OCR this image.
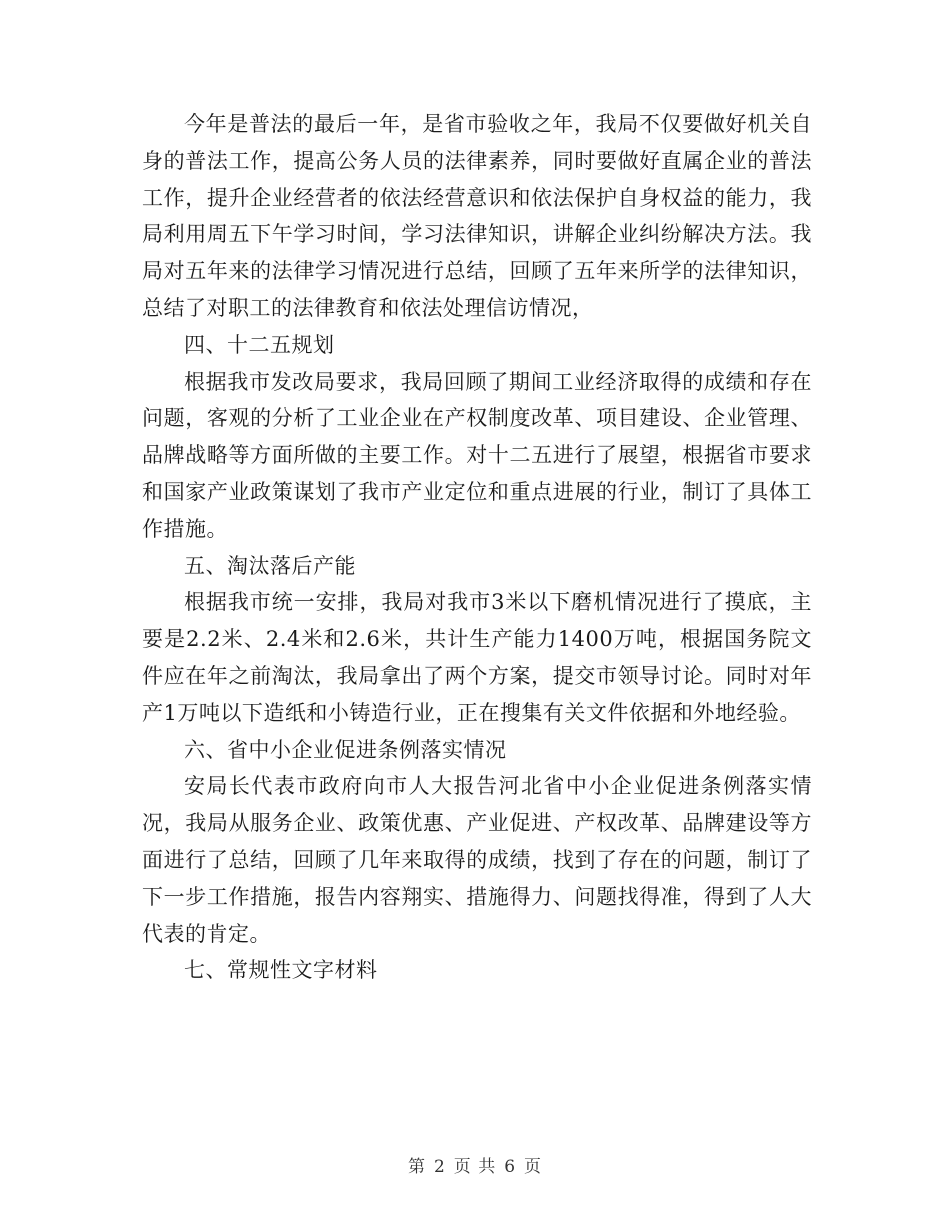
今年是普法的最后一年，是省市验收之年，我局不仅要做好机关自身的普法工作，提高公务人员的法律素养，同时要做好直属企业的普法工作，提升企业经营者的依法经营意识和依法保护自身权益的能力，我局利用周五下午学习时间，学习法律知识，讲解企业纠纷解决方法。我局对五年来的法律学习情况进行总结，回顾了五年来所学的法律知识，总结了对职工的法律教育和依法处理信访情况，

四、十二五规划

根据我市发改局要求，我局回顾了期间工业经济取得的成绩和存在问题，客观的分析了工业企业在产权制度改革、项目建设、企业管理、品牌战略等方面所做的主要工作。对十二五进行了展望，根据省市要求和国家产业政策谋划了我市产业定位和重点进展的行业，制订了具体工作措施。

五、淘汰落后产能

根据我市统一安排，我局对我市3米以下磨机情况进行了摸底，主要是2.2米、2.4米和2.6米，共计生产能力1400万吨，根据国务院文件应在年之前淘汰，我局拿出了两个方案，提交市领导讨论。同时对年产1万吨以下造纸和小铸造行业，正在搜集有关文件依据和外地经验。

六、省中小企业促进条例落实情况

安局长代表市政府向市人大报告河北省中小企业促进条例落实情况，我局从服务企业、政策优惠、产业促进、产权改革、品牌建设等方面进行了总结，回顾了几年来取得的成绩，找到了存在的问题，制订了下一步工作措施，报告内容翔实、措施得力、问题找得准，得到了人大代表的肯定。

七、常规性文字材料

第 2 页 共 6 页
